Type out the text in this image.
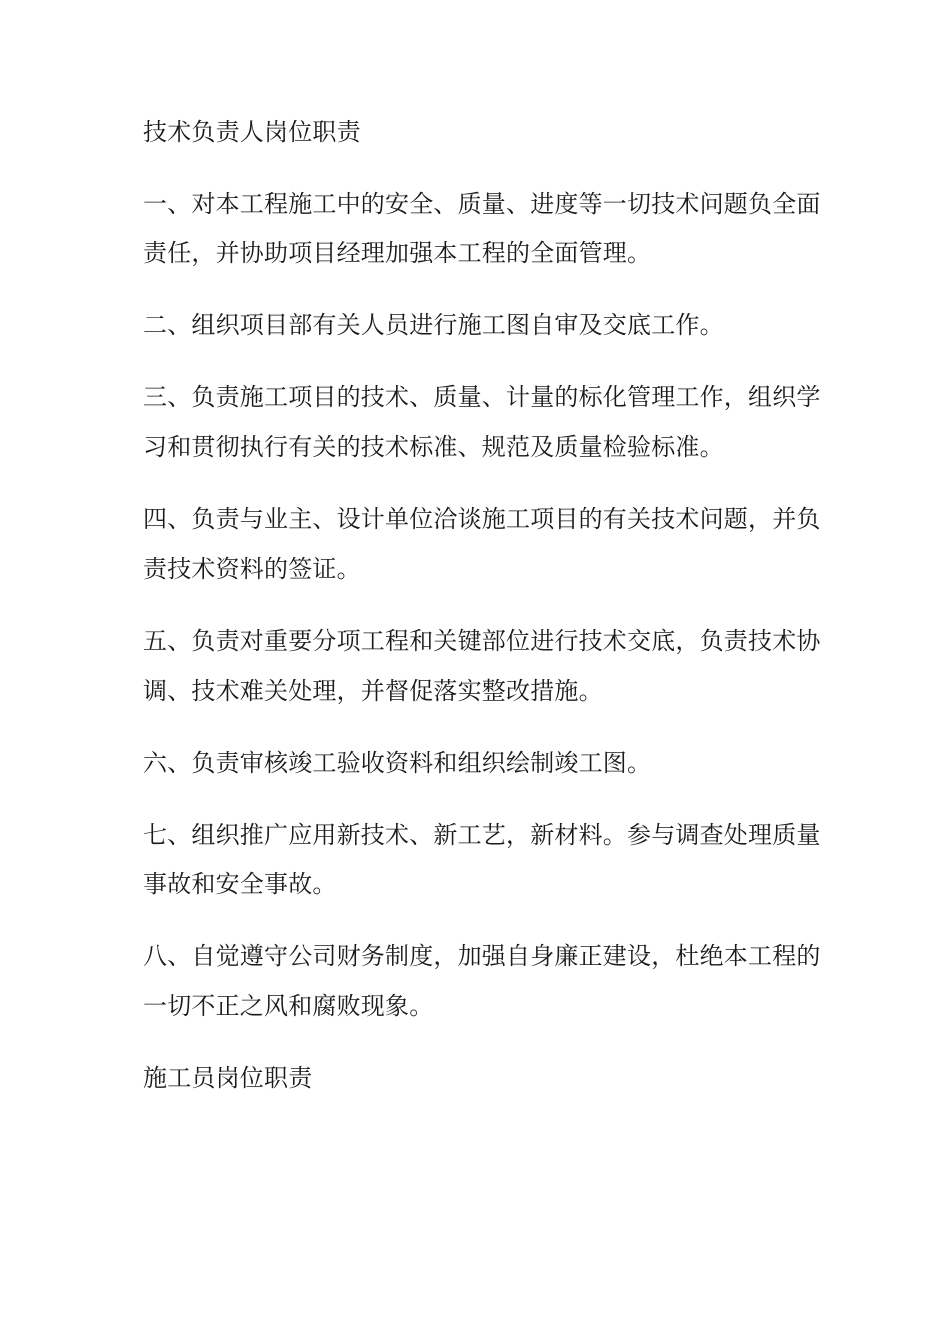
技术负责人岗位职责
一、对本工程施工中的安全、质量、进度等一切技术问题负全面
责任，并协助项目经理加强本工程的全面管理。
二、组织项目部有关人员进行施工图自审及交底工作。
三、负责施工项目的技术、质量、计量的标化管理工作，组织学
习和贯彻执行有关的技术标准、规范及质量检验标准。
四、负责与业主、设计单位洽谈施工项目的有关技术问题，并负
责技术资料的签证。
五、负责对重要分项工程和关键部位进行技术交底，负责技术协
调、技术难关处理，并督促落实整改措施。
六、负责审核竣工验收资料和组织绘制竣工图。
七、组织推广应用新技术、新工艺，新材料。参与调查处理质量
事故和安全事故。
八、自觉遵守公司财务制度，加强自身廉正建设，杜绝本工程的
一切不正之风和腐败现象。
施工员岗位职责
